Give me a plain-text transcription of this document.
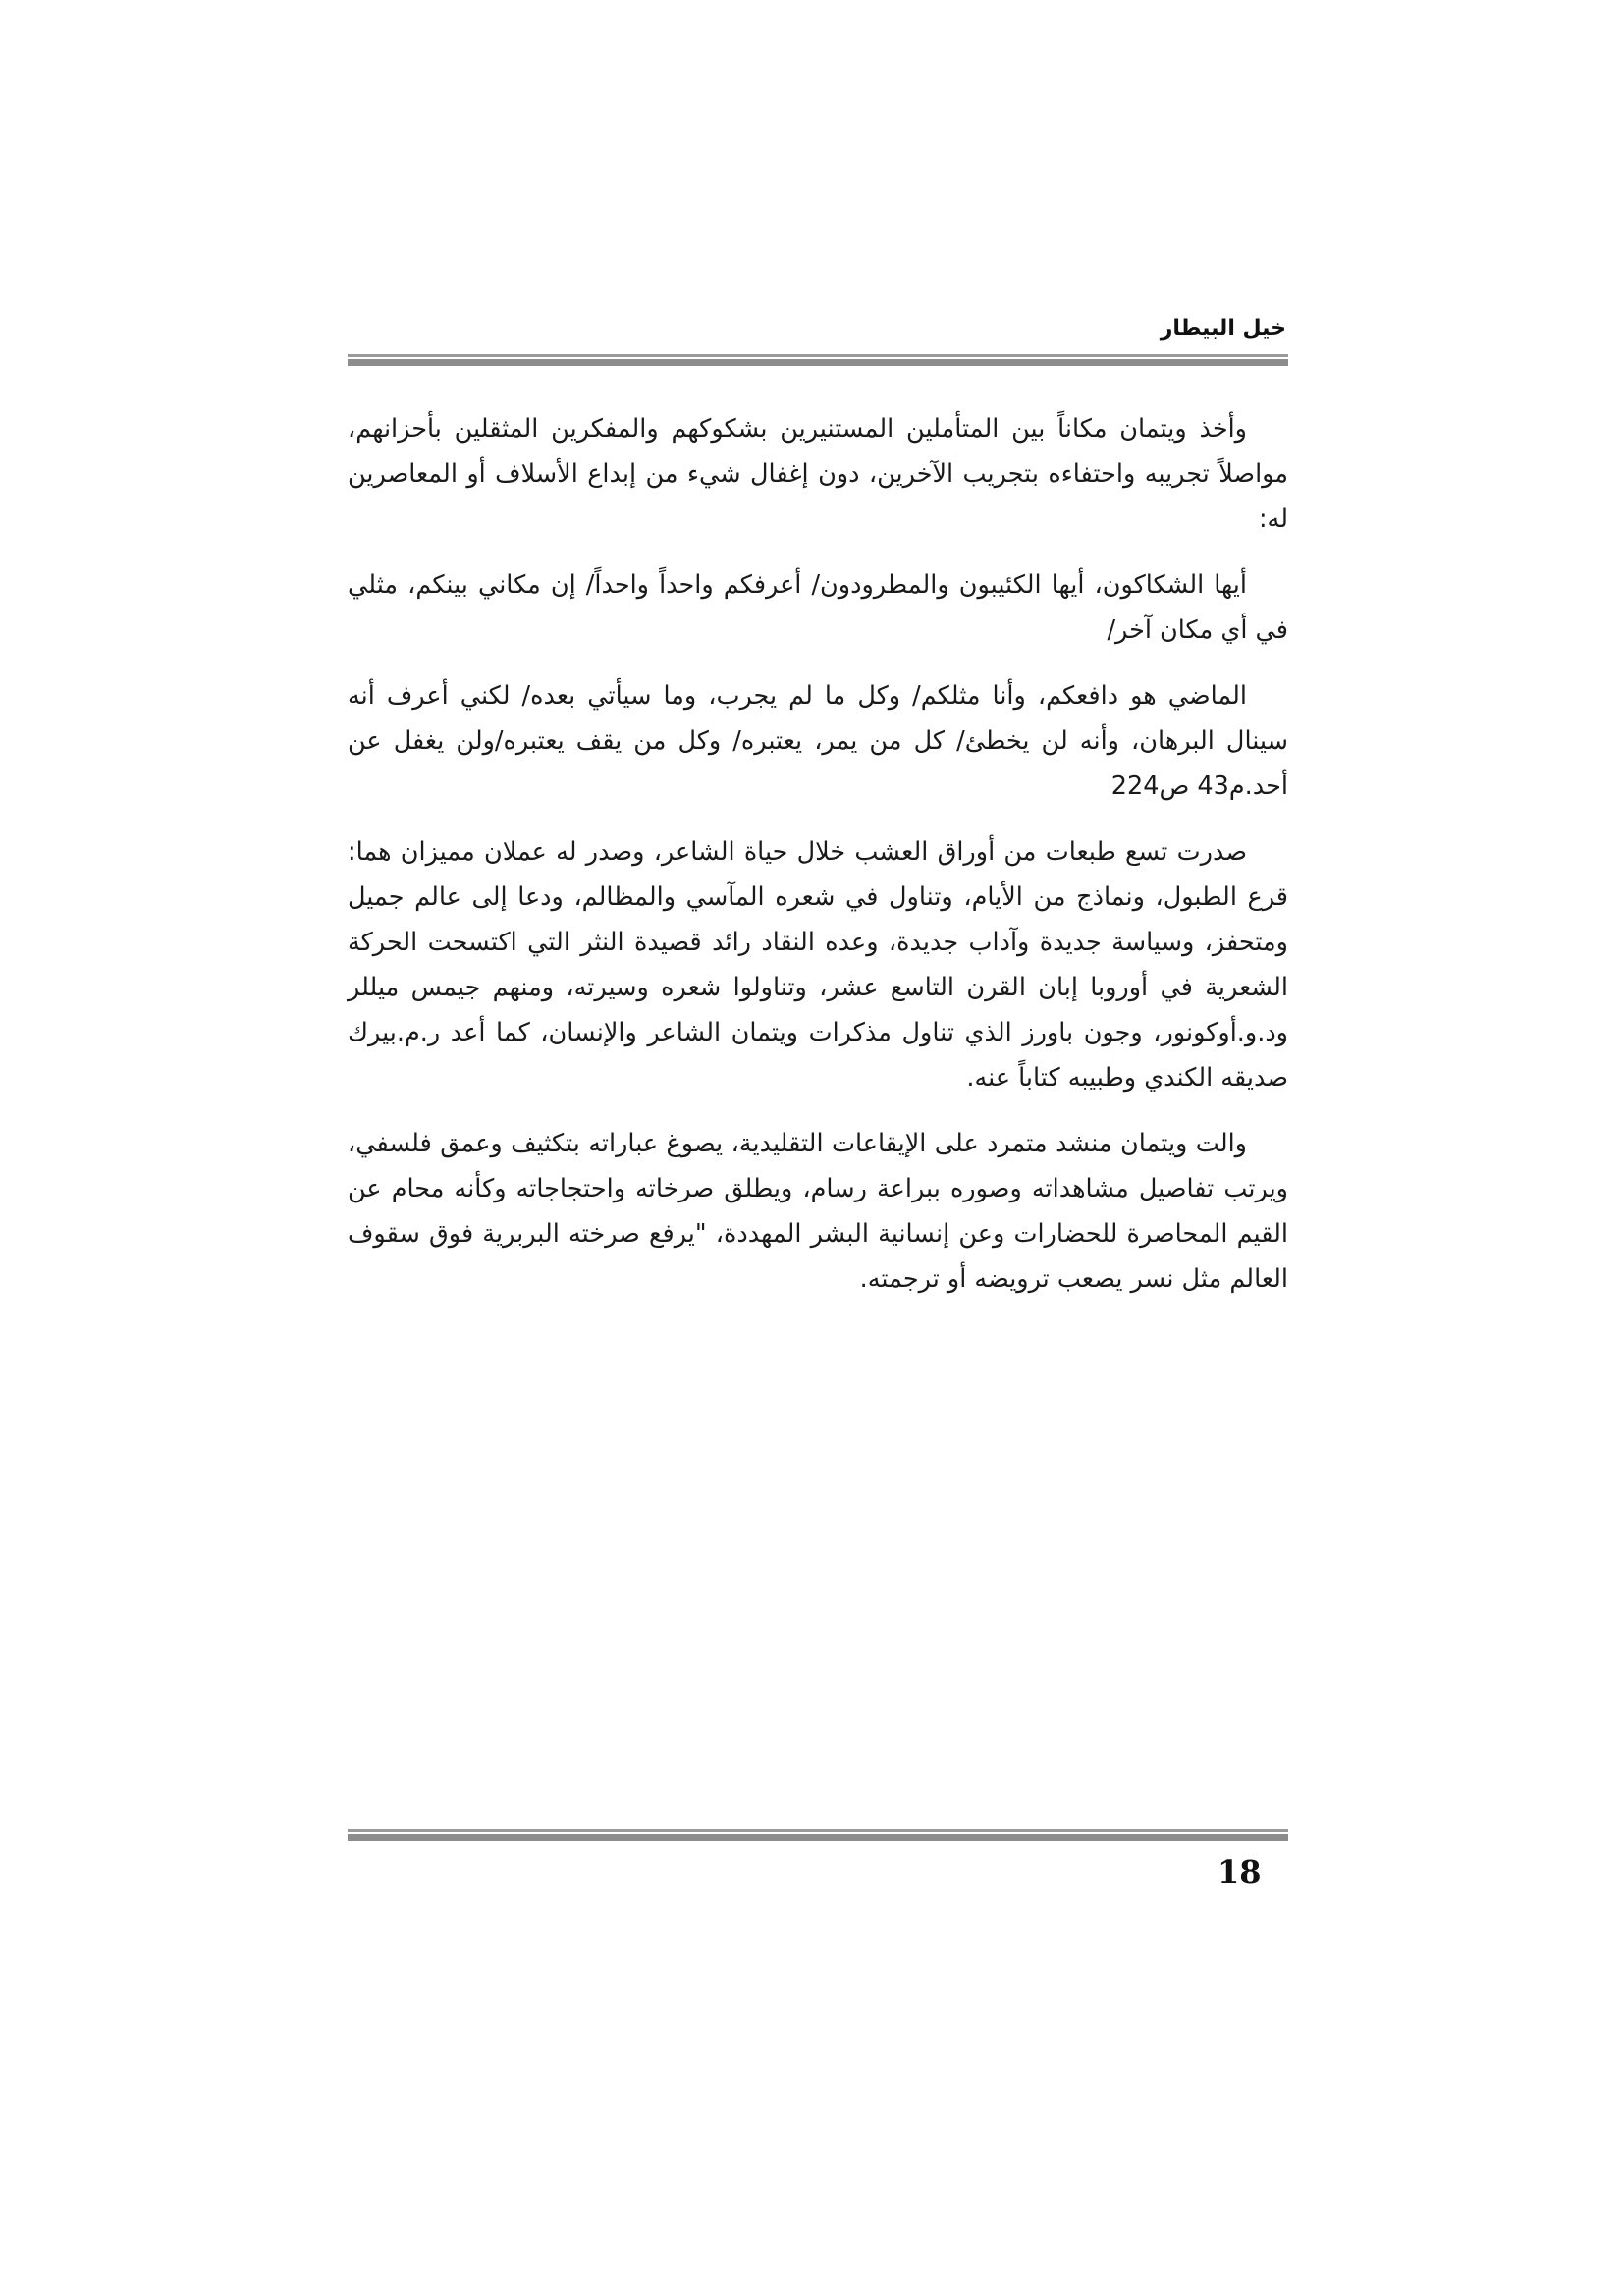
خيل البيطار

وأخذ ويتمان مكاناً بين المتأملين المستنيرين بشكوكهم والمفكرين المثقلين بأحزانهم، مواصلاً تجريبه واحتفاءه بتجريب الآخرين، دون إغفال شيء من إبداع الأسلاف أو المعاصرين له:

أيها الشكاكون، أيها الكئيبون والمطرودون/ أعرفكم واحداً واحداً/ إن مكاني بينكم، مثلي في أي مكان آخر/

الماضي هو دافعكم، وأنا مثلكم/ وكل ما لم يجرب، وما سيأتي بعده/ لكني أعرف أنه سينال البرهان، وأنه لن يخطئ/ كل من يمر، يعتبره/ وكل من يقف يعتبره/ولن يغفل عن أحد.م43 ص224

صدرت تسع طبعات من أوراق العشب خلال حياة الشاعر، وصدر له عملان مميزان هما: قرع الطبول، ونماذج من الأيام، وتناول في شعره المآسي والمظالم، ودعا إلى عالم جميل ومتحفز، وسياسة جديدة وآداب جديدة، وعده النقاد رائد قصيدة النثر التي اكتسحت الحركة الشعرية في أوروبا إبان القرن التاسع عشر، وتناولوا شعره وسيرته، ومنهم جيمس ميللر ود.و.أوكونور، وجون باورز الذي تناول مذكرات ويتمان الشاعر والإنسان، كما أعد ر.م.بيرك صديقه الكندي وطبيبه كتاباً عنه.

والت ويتمان منشد متمرد على الإيقاعات التقليدية، يصوغ عباراته بتكثيف وعمق فلسفي، ويرتب تفاصيل مشاهداته وصوره ببراعة رسام، ويطلق صرخاته واحتجاجاته وكأنه محام عن القيم المحاصرة للحضارات وعن إنسانية البشر المهددة، "يرفع صرخته البربرية فوق سقوف العالم مثل نسر يصعب ترويضه أو ترجمته.

18
